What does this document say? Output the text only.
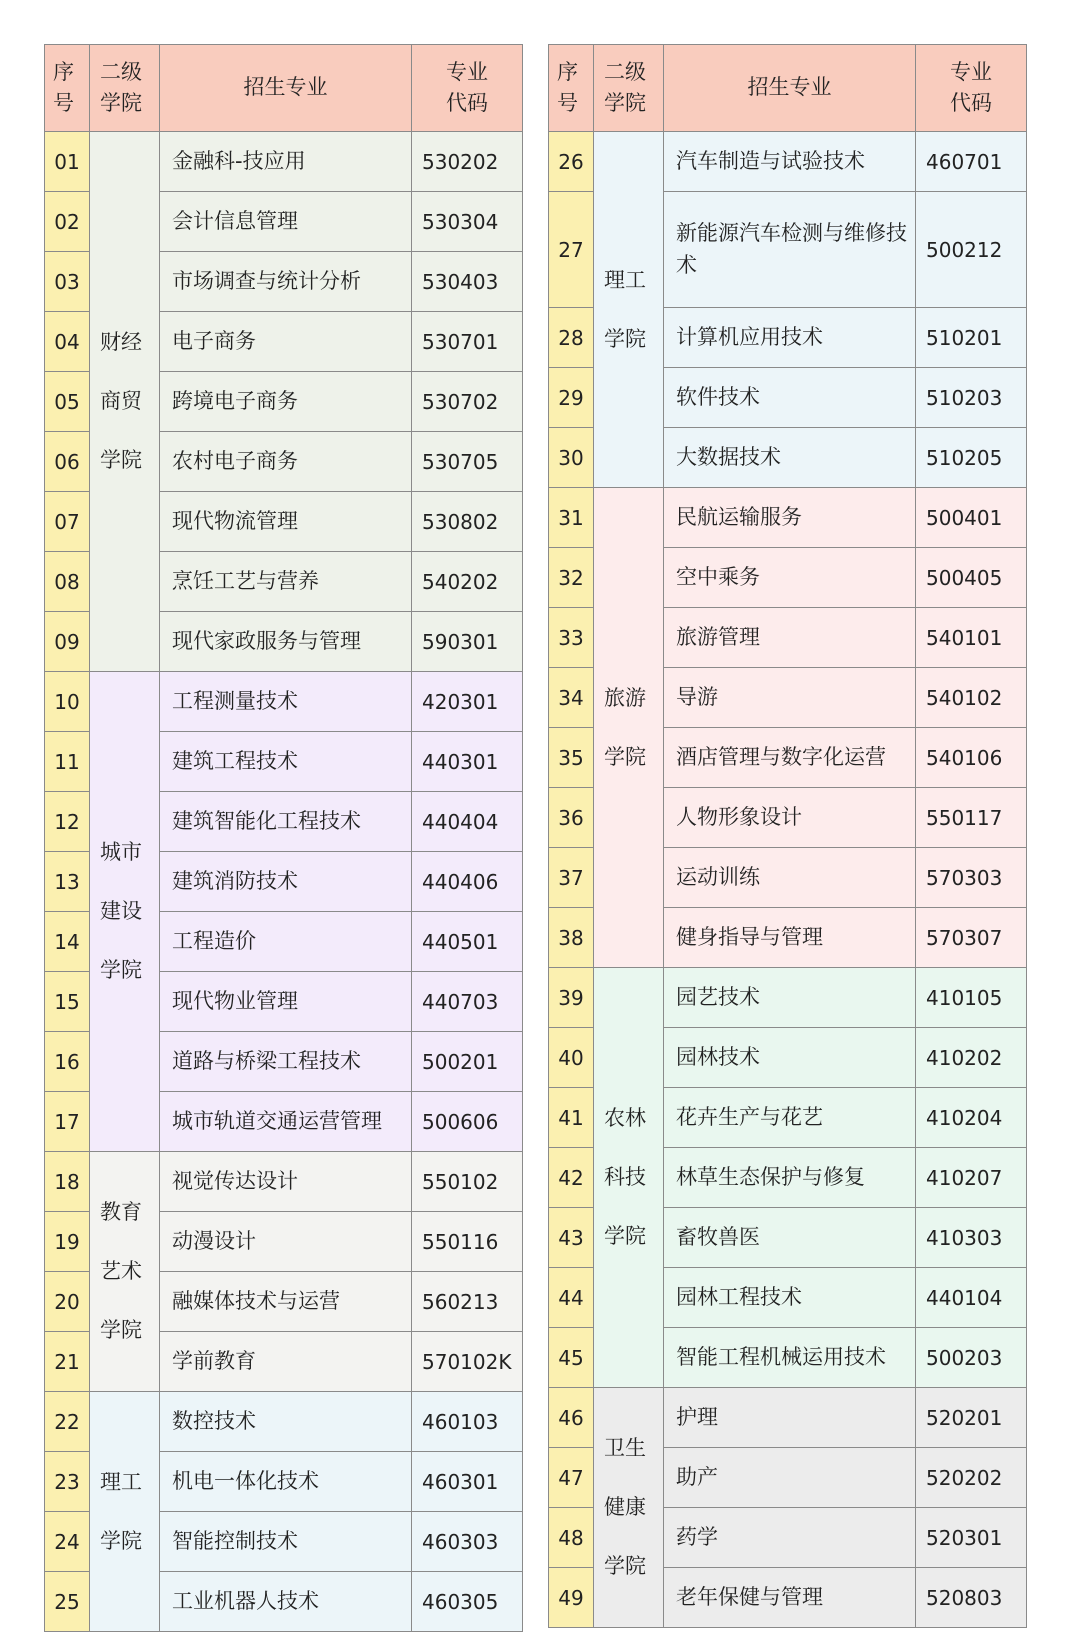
序号	二级学院	招生专业	专业代码
01	财经商贸学院	金融科-技应用	530202
02		会计信息管理	530304
03		市场调查与统计分析	530403
04		电子商务	530701
05		跨境电子商务	530702
06		农村电子商务	530705
07		现代物流管理	530802
08		烹饪工艺与营养	540202
09		现代家政服务与管理	590301
10	城市建设学院	工程测量技术	420301
11		建筑工程技术	440301
12		建筑智能化工程技术	440404
13		建筑消防技术	440406
14		工程造价	440501
15		现代物业管理	440703
16		道路与桥梁工程技术	500201
17		城市轨道交通运营管理	500606
18	教育艺术学院	视觉传达设计	550102
19		动漫设计	550116
20		融媒体技术与运营	560213
21		学前教育	570102K
22	理工学院	数控技术	460103
23		机电一体化技术	460301
24		智能控制技术	460303
25		工业机器人技术	460305
序号	二级学院	招生专业	专业代码
26	理工学院	汽车制造与试验技术	460701
27		新能源汽车检测与维修技术	500212
28		计算机应用技术	510201
29		软件技术	510203
30		大数据技术	510205
31	旅游学院	民航运输服务	500401
32		空中乘务	500405
33		旅游管理	540101
34		导游	540102
35		酒店管理与数字化运营	540106
36		人物形象设计	550117
37		运动训练	570303
38		健身指导与管理	570307
39	农林科技学院	园艺技术	410105
40		园林技术	410202
41		花卉生产与花艺	410204
42		林草生态保护与修复	410207
43		畜牧兽医	410303
44		园林工程技术	440104
45		智能工程机械运用技术	500203
46	卫生健康学院	护理	520201
47		助产	520202
48		药学	520301
49		老年保健与管理	520803
